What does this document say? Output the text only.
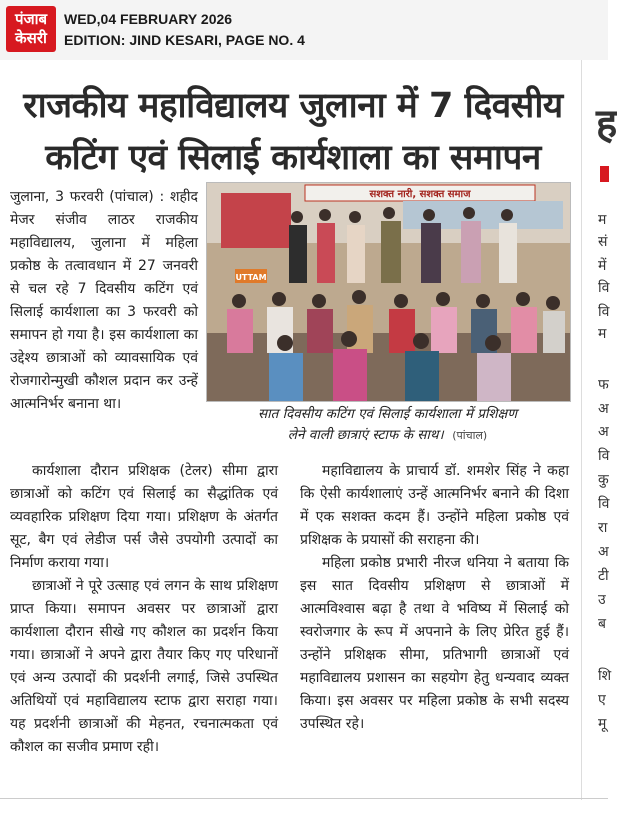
पंजाब
केसरी
WED,04 FEBRUARY 2026
EDITION: JIND KESARI, PAGE NO. 4
राजकीय महाविद्यालय जुलाना में 7 दिवसीय
कटिंग एवं सिलाई कार्यशाला का समापन
सशक्त नारी, सशक्त समाज
UTTAM
सात दिवसीय कटिंग एवं सिलाई कार्यशाला में प्रशिक्षण
लेने वाली छात्राएं स्टाफ के साथ। (पांचाल)

जुलाना, 3 फरवरी (पांचाल) : शहीद मेजर संजीव लाठर राजकीय महाविद्यालय, जुलाना में महिला प्रकोष्ठ के तत्वावधान में 27 जनवरी से चल रहे 7 दिवसीय कटिंग एवं सिलाई कार्यशाला का 3 फरवरी को समापन हो गया है। इस कार्यशाला का उद्देश्य छात्राओं को व्यावसायिक एवं रोजगारोन्मुखी कौशल प्रदान कर उन्हें आत्मनिर्भर बनाना था।

कार्यशाला दौरान प्रशिक्षक (टेलर) सीमा द्वारा छात्राओं को कटिंग एवं सिलाई का सैद्धांतिक एवं व्यवहारिक प्रशिक्षण दिया गया। प्रशिक्षण के अंतर्गत सूट, बैग एवं लेडीज पर्स जैसे उपयोगी उत्पादों का निर्माण कराया गया।

छात्राओं ने पूरे उत्साह एवं लगन के साथ प्रशिक्षण प्राप्त किया। समापन अवसर पर छात्राओं द्वारा कार्यशाला दौरान सीखे गए कौशल का प्रदर्शन किया गया। छात्राओं ने अपने द्वारा तैयार किए गए परिधानों एवं अन्य उत्पादों की प्रदर्शनी लगाई, जिसे उपस्थित अतिथियों एवं महाविद्यालय स्टाफ द्वारा सराहा गया। यह प्रदर्शनी छात्राओं की मेहनत, रचनात्मकता एवं कौशल का सजीव प्रमाण रही।

महाविद्यालय के प्राचार्य डॉ. शमशेर सिंह ने कहा कि ऐसी कार्यशालाएं उन्हें आत्मनिर्भर बनाने की दिशा में एक सशक्त कदम हैं। उन्होंने महिला प्रकोष्ठ एवं प्रशिक्षक के प्रयासों की सराहना की।

महिला प्रकोष्ठ प्रभारी नीरज धनिया ने बताया कि इस सात दिवसीय प्रशिक्षण से छात्राओं में आत्मविश्वास बढ़ा है तथा वे भविष्य में सिलाई को स्वरोजगार के रूप में अपनाने के लिए प्रेरित हुई हैं। उन्होंने प्रशिक्षक सीमा, प्रतिभागी छात्राओं एवं महाविद्यालय प्रशासन का सहयोग हेतु धन्यवाद व्यक्त किया। इस अवसर पर महिला प्रकोष्ठ के सभी सदस्य उपस्थित रहे।

ह
म
सं
में
वि
वि
म
फ
अ
अ
वि
कु
वि
रा
अ
टी
उ
ब
शि
ए
मू
